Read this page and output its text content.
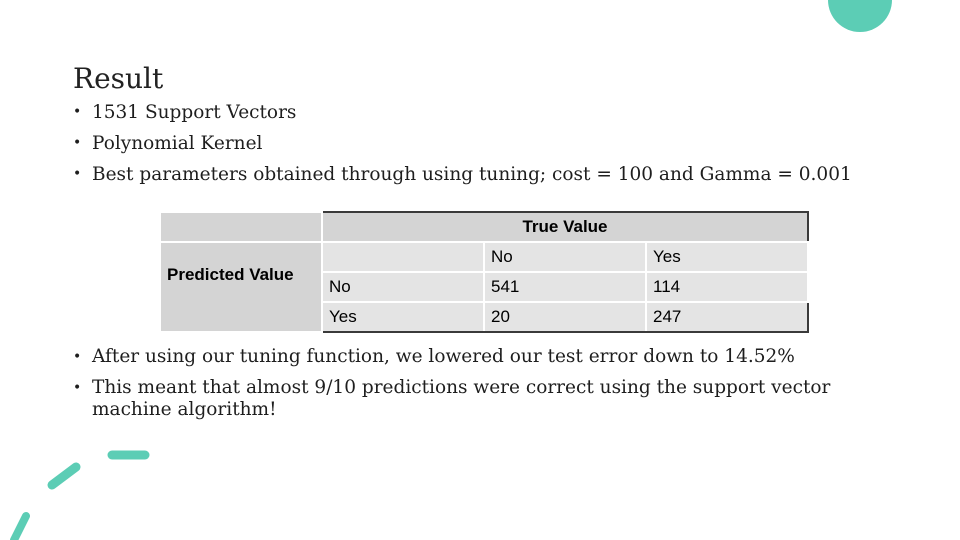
Result
• 1531 Support Vectors
• Polynomial Kernel
• Best parameters obtained through using tuning; cost = 100 and Gamma = 0.001
	True Value		
Predicted Value		No	Yes
	No	541	114
	Yes	20	247
• After using our tuning function, we lowered our test error down to 14.52%
• This meant that almost 9/10 predictions were correct using the support vector machine algorithm!
